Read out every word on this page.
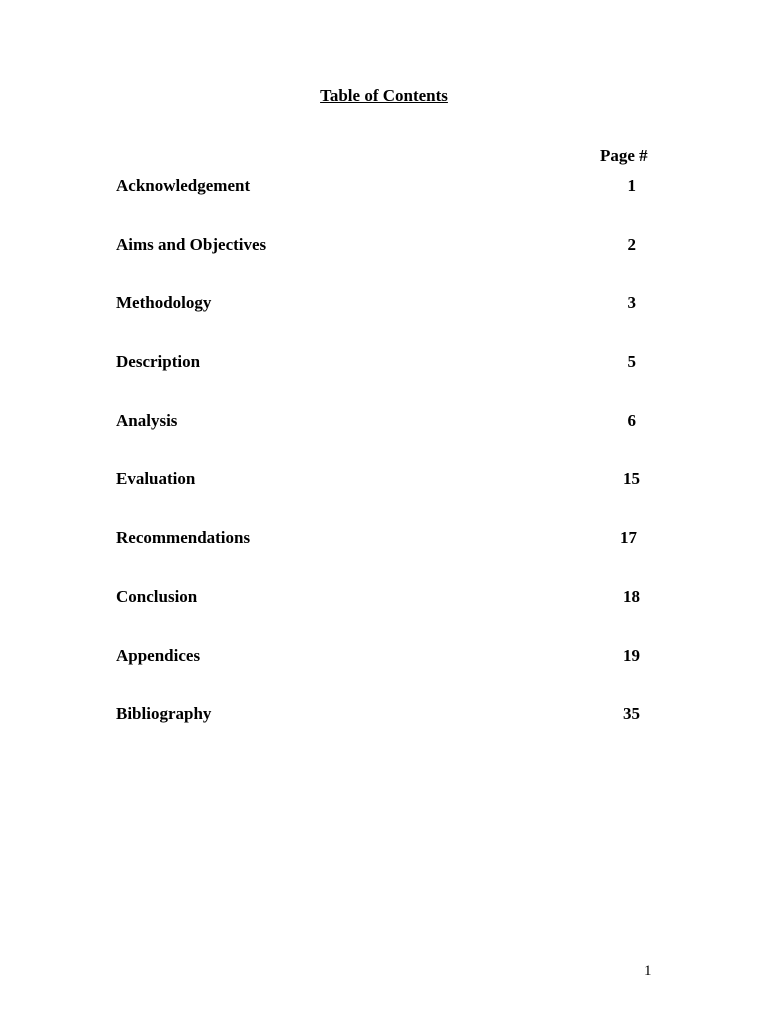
Table of Contents
Page #
Acknowledgement	1
Aims and Objectives	2
Methodology	3
Description	5
Analysis	6
Evaluation	15
Recommendations	17
Conclusion	18
Appendices	19
Bibliography	35
1
